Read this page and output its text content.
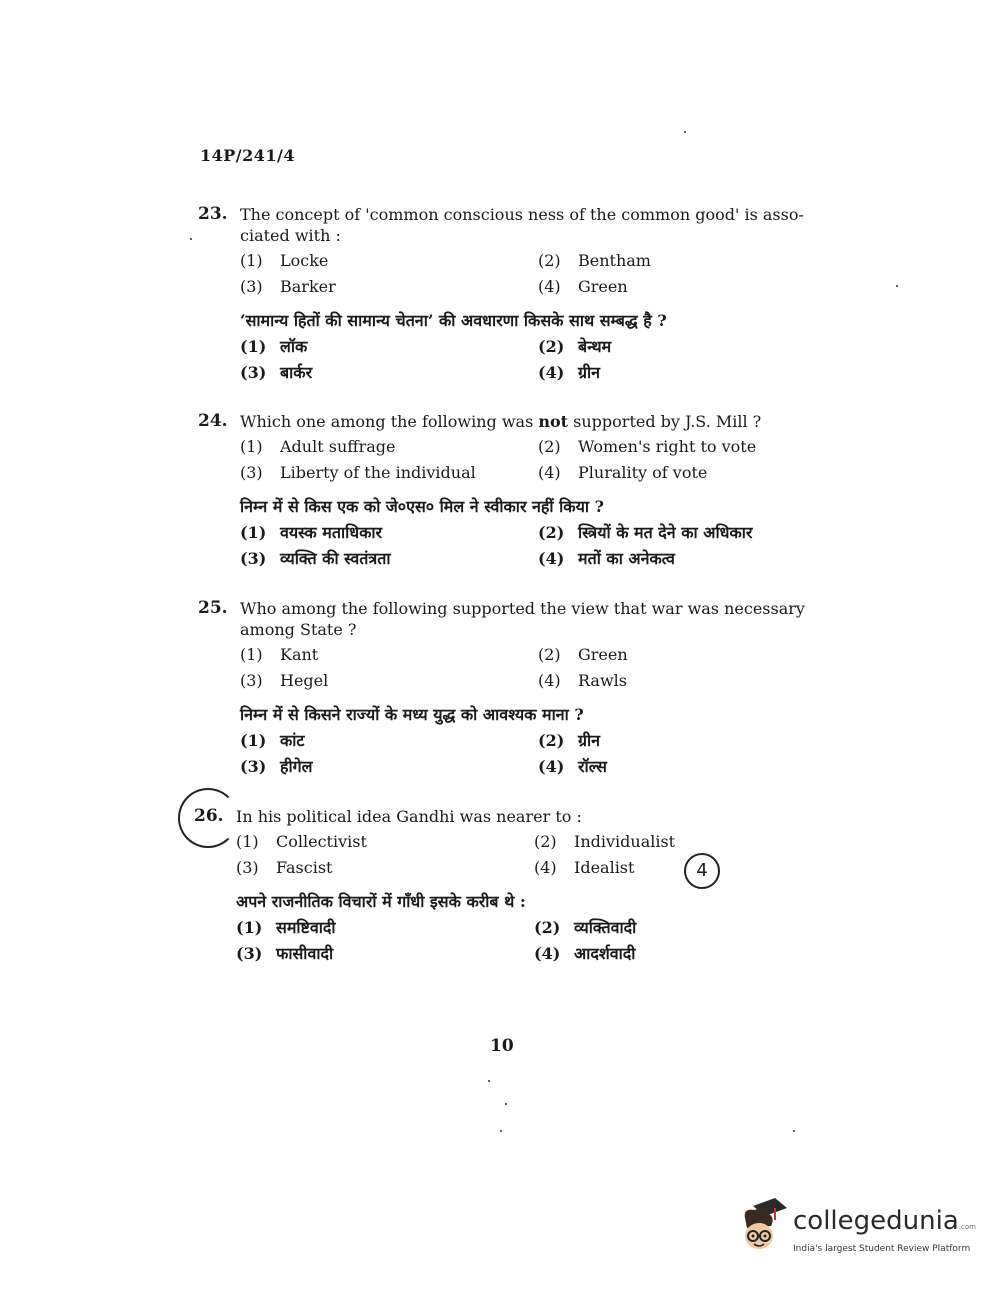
14P/241/4
23. The concept of 'common conscious ness of the common good' is asso-ciated with :
(1)	Locke	(2)	Bentham
(3)	Barker	(4)	Green
‘सामान्य हितों की सामान्य चेतना’ की अवधारणा किसके साथ सम्बद्ध है ?
(1) लॉक	(2) बेन्थम
(3) बार्कर	(4) ग्रीन
24. Which one among the following was not supported by J.S. Mill ?
(1)	Adult suffrage	(2)	Women's right to vote
(3)	Liberty of the individual	(4)	Plurality of vote
निम्न में से किस एक को जे०एस० मिल ने स्वीकार नहीं किया ?
(1) वयस्क मताधिकार	(2) स्त्रियों के मत देने का अधिकार
(3) व्यक्ति की स्वतंत्रता	(4) मतों का अनेकत्व
25. Who among the following supported the view that war was necessary among State ?
(1)	Kant	(2)	Green
(3)	Hegel	(4)	Rawls
निम्न में से किसने राज्यों के मध्य युद्ध को आवश्यक माना ?
(1) कांट	(2) ग्रीन
(3) हीगेल	(4) रॉल्स
26. In his political idea Gandhi was nearer to :
(1)	Collectivist	(2)	Individualist
(3)	Fascist	(4)	Idealist
अपने राजनीतिक विचारों में गाँधी इसके करीब थे :
(1) समष्टिवादी	(2) व्यक्तिवादी
(3) फासीवादी	(4) आदर्शवादी
4
10
collegedunia.com
India's largest Student Review Platform
